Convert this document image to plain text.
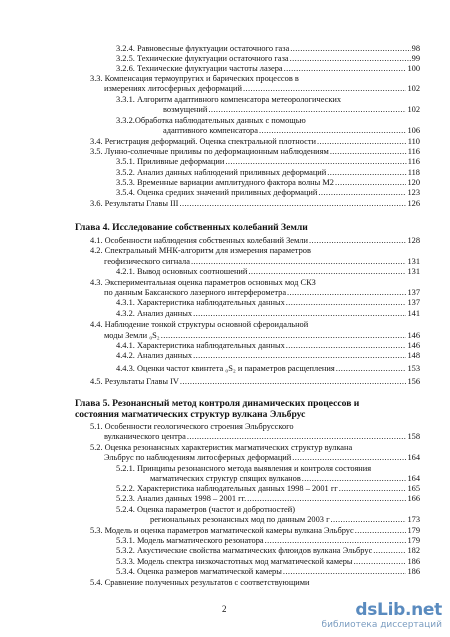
3.2.4. Равновесные флуктуации остаточного газа .....	98
3.2.5. Технические флуктуации остаточного газа .....	99
3.2.6. Технические флуктуации частоты лазера .....	100
3.3. Компенсация термоупругих и барических процессов в
измерениях литосферных деформаций .....	102
3.3.1. Алгоритм адаптивного компенсатора метеорологических
возмущений .....	102
3.3.2.Обработка наблюдательных данных с помощью
адаптивного компенсатора .....	106
3.4. Регистрация деформаций. Оценка спектральной плотности .....	110
3.5. Лунно-солнечные приливы по деформационным наблюдениям .....	116
3.5.1. Приливные деформации .....	116
3.5.2. Анализ данных наблюдений приливных деформаций .....	118
3.5.3. Временные вариации амплитудного фактора волны М2 .....	120
3.5.4. Оценка средних значений приливных деформаций .....	123
3.6. Результаты Главы III .....	126
Глава 4. Исследование собственных колебаний Земли
4.1. Особенности наблюдения собственных колебаний Земли .....	128
4.2. Спектральный МНК-алгоритм для измерения параметров
геофизического сигнала .....	131
4.2.1. Вывод основных соотношений .....	131
4.3. Экспериментальная оценка параметров основных мод СКЗ
по данным Баксанского лазерного интерферометра .....	137
4.3.1. Характеристика наблюдательных данных .....	137
4.3.2. Анализ данных .....	141
4.4. Наблюдение тонкой структуры основной сфероидальной
моды Земли ₀S₂ .....	146
4.4.1. Характеристика наблюдательных данных .....	146
4.4.2. Анализ данных .....	148
4.4.3. Оценки частот квинтета ₀S₂ и параметров расщепления .....	153
4.5. Результаты Главы IV .....	156
Глава 5. Резонансный метод контроля динамических процессов и
состояния магматических структур вулкана Эльбрус
5.1. Особенности геологического строения Эльбрусского
вулканического центра .....	158
5.2. Оценка резонансных характеристик магматических структур вулкана
Эльбрус по наблюдениям литосферных деформаций .....	164
5.2.1. Принципы резонансного метода выявления и контроля состояния
магматических структур спящих вулканов .....	164
5.2.2. Характеристика наблюдательных данных 1998 – 2001 гг .....	165
5.2.3. Анализ данных 1998 – 2001 гг. .....	166
5.2.4. Оценка параметров (частот и добротностей)
региональных резонансных мод по данным 2003 г .....	173
5.3. Модель и оценка параметров магматической камеры вулкана Эльбрус .....	179
5.3.1. Модель магматического резонатора .....	179
5.3.2. Акустические свойства магматических флюидов вулкана Эльбрус .....	182
5.3.3. Модель спектра низкочастотных мод магматической камеры .....	186
5.3.4. Оценка размеров магматической камеры .....	186
5.4. Сравнение полученных результатов с соответствующими
2	dsLib.net
библиотека диссертаций
